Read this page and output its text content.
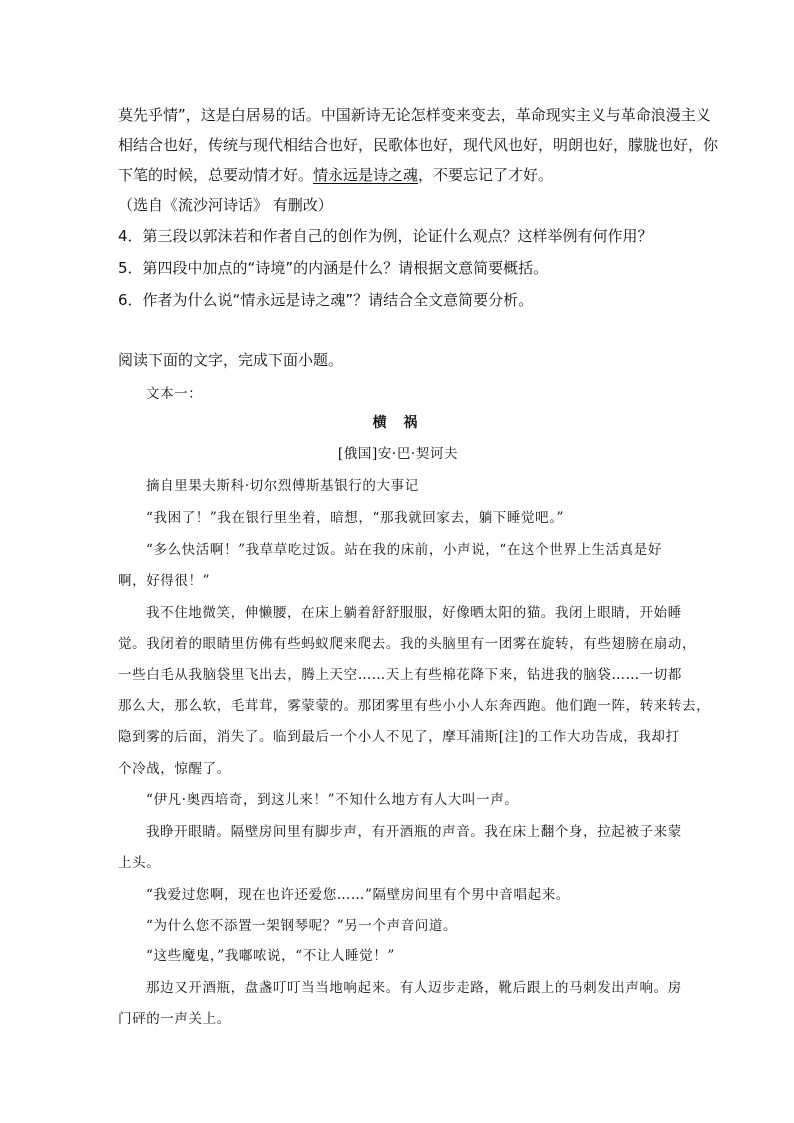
莫先乎情”，这是白居易的话。中国新诗无论怎样变来变去，革命现实主义与革命浪漫主义
相结合也好，传统与现代相结合也好，民歌体也好，现代风也好，明朗也好，朦胧也好，你
下笔的时候，总要动情才好。情永远是诗之魂，不要忘记了才好。
（选自《流沙河诗话》 有删改）
4．第三段以郭沫若和作者自己的创作为例，论证什么观点？这样举例有何作用？
5．第四段中加点的“诗境”的内涵是什么？请根据文意简要概括。
6．作者为什么说“情永远是诗之魂”？请结合全文意简要分析。
阅读下面的文字，完成下面小题。
文本一：
横 祸
[俄国]安·巴·契诃夫
摘自里果夫斯科·切尔烈傅斯基银行的大事记
“我困了！”我在银行里坐着，暗想，“那我就回家去，躺下睡觉吧。”
“多么快活啊！”我草草吃过饭。站在我的床前，小声说，“在这个世界上生活真是好
啊，好得很！”
我不住地微笑，伸懒腰，在床上躺着舒舒服服，好像晒太阳的猫。我闭上眼睛，开始睡
觉。我闭着的眼睛里仿佛有些蚂蚁爬来爬去。我的头脑里有一团雾在旋转，有些翅膀在扇动，
一些白毛从我脑袋里飞出去，腾上天空……天上有些棉花降下来，钻进我的脑袋……一切都
那么大，那么软，毛茸茸，雾蒙蒙的。那团雾里有些小小人东奔西跑。他们跑一阵，转来转去，
隐到雾的后面，消失了。临到最后一个小人不见了，摩耳浦斯[注]的工作大功告成，我却打
个冷战，惊醒了。
“伊凡·奥西培奇，到这儿来！”不知什么地方有人大叫一声。
我睁开眼睛。隔壁房间里有脚步声，有开酒瓶的声音。我在床上翻个身，拉起被子来蒙
上头。
“我爱过您啊，现在也许还爱您……”隔壁房间里有个男中音唱起来。
“为什么您不添置一架钢琴呢？”另一个声音问道。
“这些魔鬼，”我嘟哝说，“不让人睡觉！”
那边又开酒瓶，盘盏叮叮当当地响起来。有人迈步走路，靴后跟上的马刺发出声响。房
门砰的一声关上。
